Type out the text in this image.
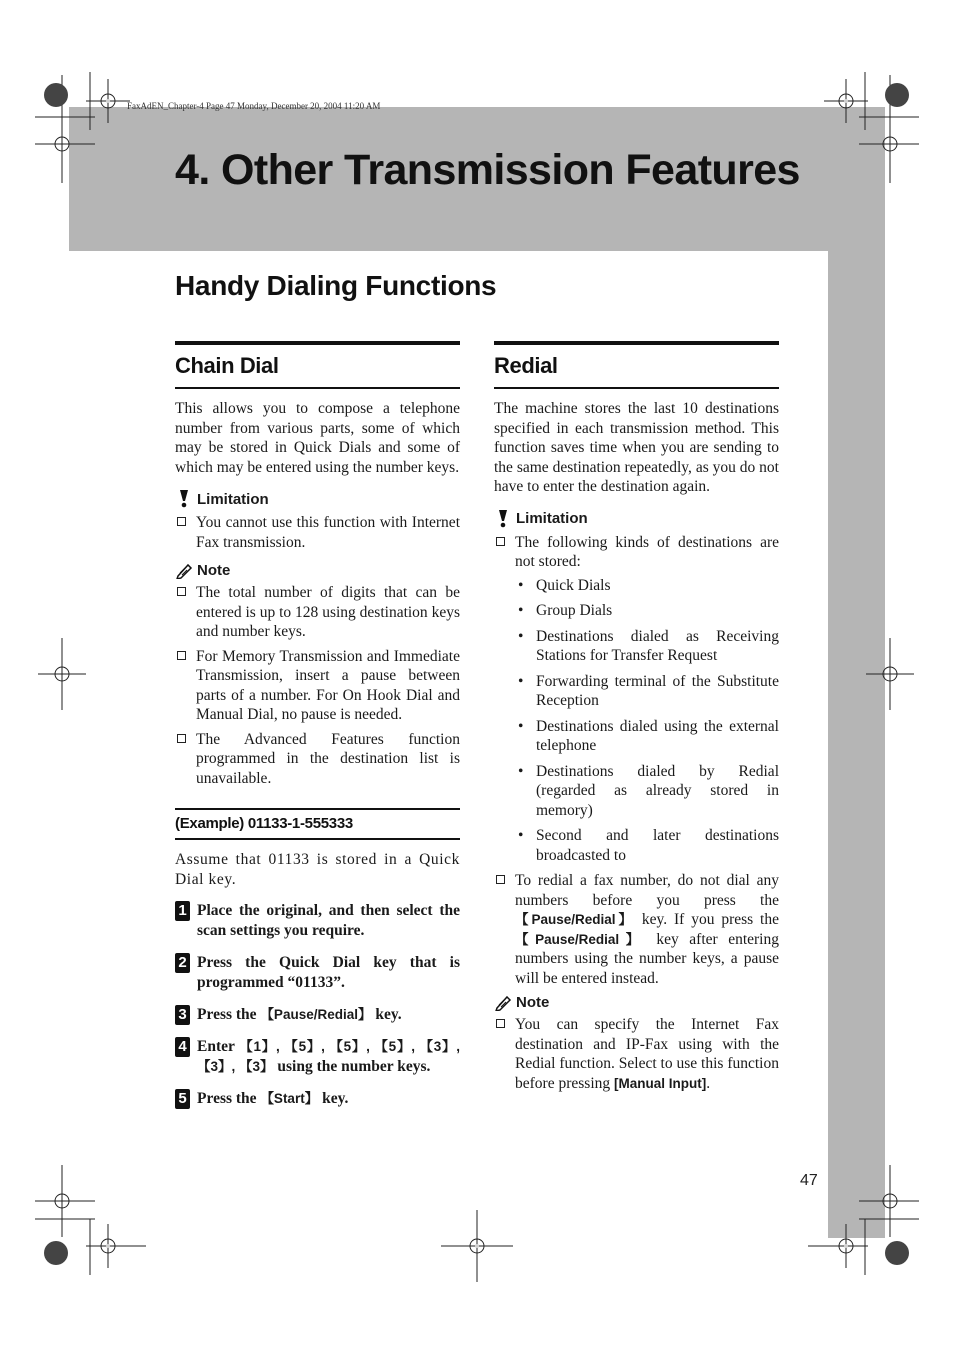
FaxAdEN_Chapter-4 Page 47 Monday, December 20, 2004 11:20 AM
4. Other Transmission Features
Handy Dialing Functions
Chain Dial

This allows you to compose a telephone number from various parts, some of which may be stored in Quick Dials and some of which may be entered using the number keys.

Limitation
You cannot use this function with Internet Fax transmission.
Note
The total number of digits that can be entered is up to 128 using destination keys and number keys.
For Memory Transmission and Immediate Transmission, insert a pause between parts of a number. For On Hook Dial and Manual Dial, no pause is needed.
The Advanced Features function programmed in the destination list is unavailable.
(Example) 01133-1-555333

Assume that 01133 is stored in a Quick Dial key.

1 Place the original, and then select the scan settings you require.
2 Press the Quick Dial key that is programmed “01133”.
3 Press the 【Pause/Redial】 key.
4 Enter 【1】, 【5】, 【5】, 【5】, 【3】, 【3】, 【3】 using the number keys.
5 Press the 【Start】 key.
Redial

The machine stores the last 10 destinations specified in each transmission method. This function saves time when you are sending to the same destination repeatedly, as you do not have to enter the destination again.

Limitation
The following kinds of destinations are not stored:
• Quick Dials
• Group Dials
• Destinations dialed as Receiving Stations for Transfer Request
• Forwarding terminal of the Substitute Reception
• Destinations dialed using the external telephone
• Destinations dialed by Redial (regarded as already stored in memory)
• Second and later destinations broadcasted to
To redial a fax number, do not dial any numbers before you press the 【Pause/Redial】 key. If you press the 【Pause/Redial】 key after entering numbers using the number keys, a pause will be entered instead.
Note
You can specify the Internet Fax destination and IP-Fax using with the Redial function. Select to use this function before pressing [Manual Input].
47
